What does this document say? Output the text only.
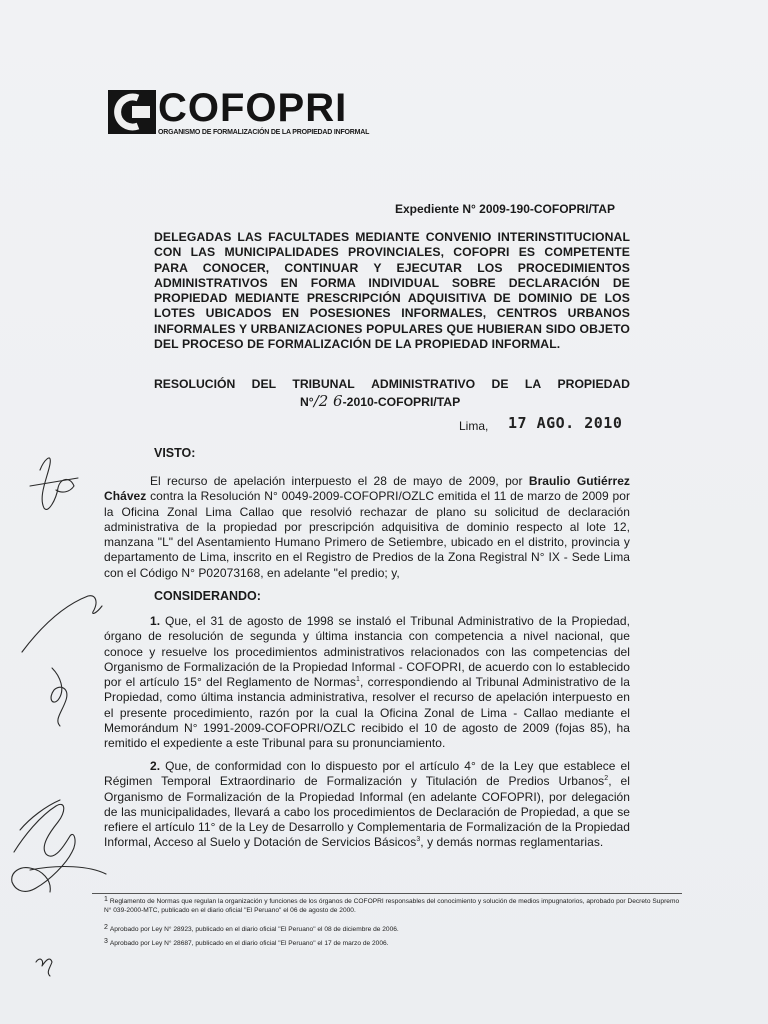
COFOPRI
ORGANISMO DE FORMALIZACIÓN DE LA PROPIEDAD INFORMAL
Expediente N° 2009-190-COFOPRI/TAP
DELEGADAS LAS FACULTADES MEDIANTE CONVENIO INTERINSTITUCIONAL CON LAS MUNICIPALIDADES PROVINCIALES, COFOPRI ES COMPETENTE PARA CONOCER, CONTINUAR Y EJECUTAR LOS PROCEDIMIENTOS ADMINISTRATIVOS EN FORMA INDIVIDUAL SOBRE DECLARACIÓN DE PROPIEDAD MEDIANTE PRESCRIPCIÓN ADQUISITIVA DE DOMINIO DE LOS LOTES UBICADOS EN POSESIONES INFORMALES, CENTROS URBANOS INFORMALES Y URBANIZACIONES POPULARES QUE HUBIERAN SIDO OBJETO DEL PROCESO DE FORMALIZACIÓN DE LA PROPIEDAD INFORMAL.
RESOLUCIÓN DEL TRIBUNAL ADMINISTRATIVO DE LA PROPIEDAD
N°/2 6-2010-COFOPRI/TAP
Lima, 17 AGO. 2010
VISTO:
El recurso de apelación interpuesto el 28 de mayo de 2009, por Braulio Gutiérrez Chávez contra la Resolución N° 0049-2009-COFOPRI/OZLC emitida el 11 de marzo de 2009 por la Oficina Zonal Lima Callao que resolvió rechazar de plano su solicitud de declaración administrativa de la propiedad por prescripción adquisitiva de dominio respecto al lote 12, manzana "L" del Asentamiento Humano Primero de Setiembre, ubicado en el distrito, provincia y departamento de Lima, inscrito en el Registro de Predios de la Zona Registral N° IX - Sede Lima con el Código N° P02073168, en adelante "el predio; y,
CONSIDERANDO:
1. Que, el 31 de agosto de 1998 se instaló el Tribunal Administrativo de la Propiedad, órgano de resolución de segunda y última instancia con competencia a nivel nacional, que conoce y resuelve los procedimientos administrativos relacionados con las competencias del Organismo de Formalización de la Propiedad Informal - COFOPRI, de acuerdo con lo establecido por el artículo 15° del Reglamento de Normas$^1$, correspondiendo al Tribunal Administrativo de la Propiedad, como última instancia administrativa, resolver el recurso de apelación interpuesto en el presente procedimiento, razón por la cual la Oficina Zonal de Lima - Callao mediante el Memorándum N° 1991-2009-COFOPRI/OZLC recibido el 10 de agosto de 2009 (fojas 85), ha remitido el expediente a este Tribunal para su pronunciamiento.
2. Que, de conformidad con lo dispuesto por el artículo 4° de la Ley que establece el Régimen Temporal Extraordinario de Formalización y Titulación de Predios Urbanos$^2$, el Organismo de Formalización de la Propiedad Informal (en adelante COFOPRI), por delegación de las municipalidades, llevará a cabo los procedimientos de Declaración de Propiedad, a que se refiere el artículo 11° de la Ley de Desarrollo y Complementaria de Formalización de la Propiedad Informal, Acceso al Suelo y Dotación de Servicios Básicos$^3$, y demás normas reglamentarias.
1 Reglamento de Normas que regulan la organización y funciones de los órganos de COFOPRI responsables del conocimiento y solución de medios impugnatorios, aprobado por Decreto Supremo N° 039-2000-MTC, publicado en el diario oficial "El Peruano" el 06 de agosto de 2000.
2 Aprobado por Ley N° 28923, publicado en el diario oficial "El Peruano" el 08 de diciembre de 2006.
3 Aprobado por Ley N° 28687, publicado en el diario oficial "El Peruano" el 17 de marzo de 2006.
